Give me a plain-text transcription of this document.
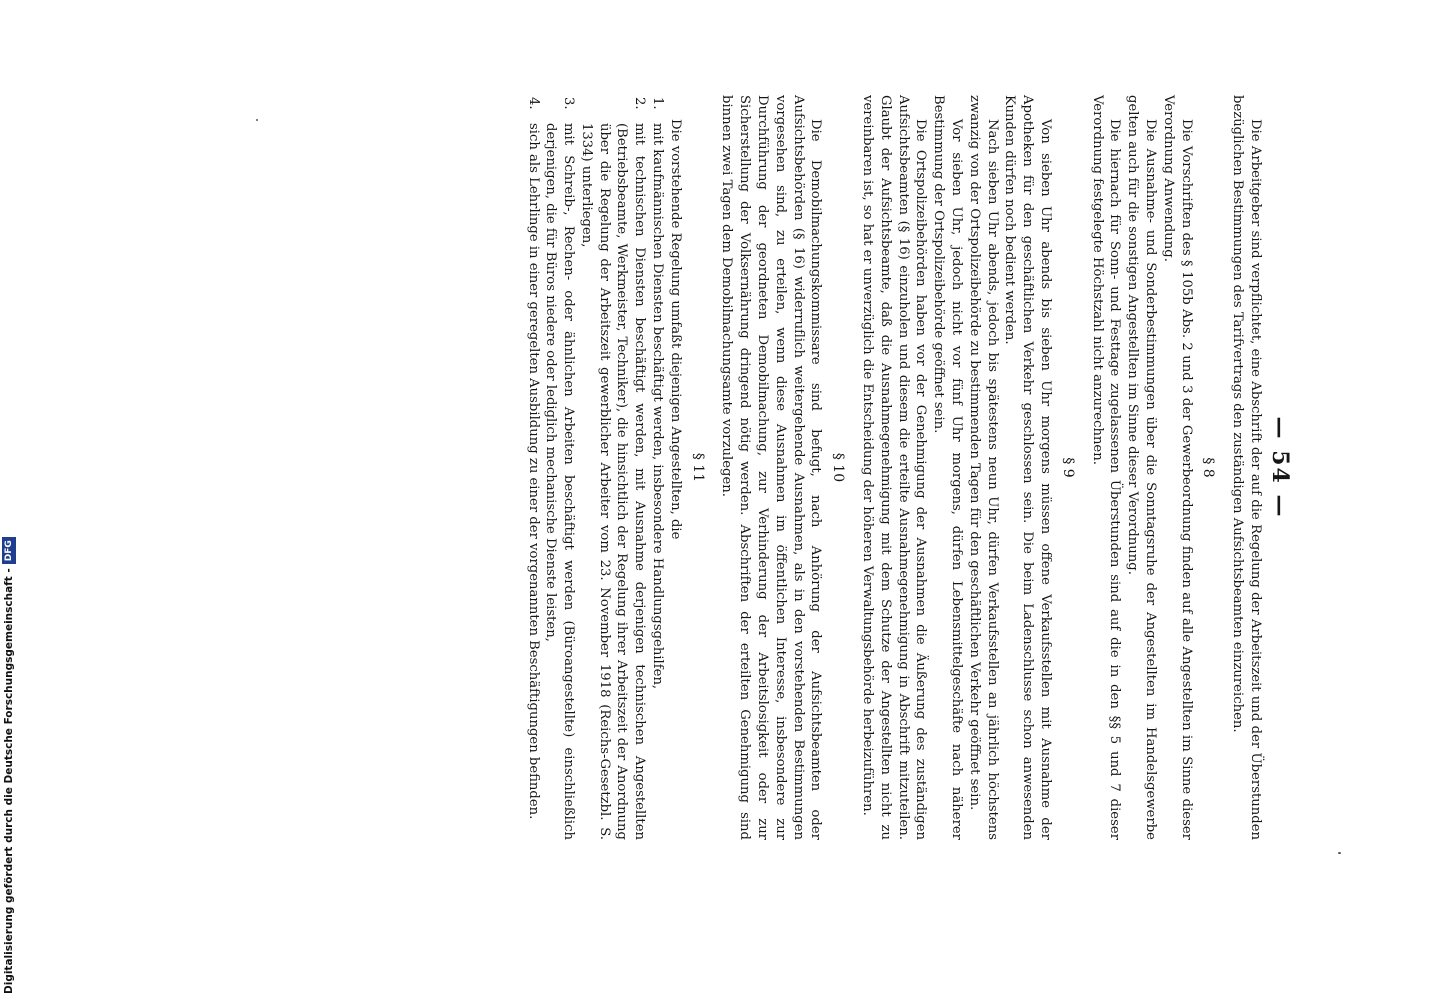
— 54 —

Die Arbeitgeber sind verpflichtet, eine Abschrift der auf die Regelung der Arbeitszeit und der Überstunden bezüglichen Bestimmungen des Tarifvertrags den zuständigen Aufsichtsbeamten einzureichen.

§ 8

Die Vorschriften des § 105b Abs. 2 und 3 der Gewerbeordnung finden auf alle Angestellten im Sinne dieser Verordnung Anwendung.

Die Ausnahme- und Sonderbestimmungen über die Sonntagsruhe der Angestellten im Handelsgewerbe gelten auch für die sonstigen Angestellten im Sinne dieser Verordnung.

Die hiernach für Sonn- und Festtage zugelassenen Überstunden sind auf die in den §§ 5 und 7 dieser Verordnung festgelegte Höchstzahl nicht anzurechnen.

§ 9

Von sieben Uhr abends bis sieben Uhr morgens müssen offene Verkaufsstellen mit Ausnahme der Apotheken für den geschäftlichen Verkehr geschlossen sein. Die beim Ladenschlusse schon anwesenden Kunden dürfen noch bedient werden.

Nach sieben Uhr abends, jedoch bis spätestens neun Uhr, dürfen Verkaufsstellen an jährlich höchstens zwanzig von der Ortspolizeibehörde zu bestimmenden Tagen für den geschäftlichen Verkehr geöffnet sein.

Vor sieben Uhr, jedoch nicht vor fünf Uhr morgens, dürfen Lebensmittelgeschäfte nach näherer Bestimmung der Ortspolizeibehörde geöffnet sein.

Die Ortspolizeibehörden haben vor der Genehmigung der Ausnahmen die Äußerung des zuständigen Aufsichtsbeamten (§ 16) einzuholen und diesem die erteilte Ausnahmegenehmigung in Abschrift mitzuteilen. Glaubt der Aufsichtsbeamte, daß die Ausnahmegenehmigung mit dem Schutze der Angestellten nicht zu vereinbaren ist, so hat er unverzüglich die Entscheidung der höheren Verwaltungsbehörde herbeizuführen.

§ 10

Die Demobilmachungskommissare sind befugt, nach Anhörung der Aufsichtsbeamten oder Aufsichtsbehörden (§ 16) widerruflich weitergehende Ausnahmen, als in den vorstehenden Bestimmungen vorgesehen sind, zu erteilen, wenn diese Ausnahmen im öffentlichen Interesse, insbesondere zur Durchführung der geordneten Demobilmachung, zur Verhinderung der Arbeitslosigkeit oder zur Sicherstellung der Volksernährung dringend nötig werden. Abschriften der erteilten Genehmigung sind binnen zwei Tagen dem Demobilmachungsamte vorzulegen.

§ 11

Die vorstehende Regelung umfaßt diejenigen Angestellten, die

1.
mit kaufmännischen Diensten beschäftigt werden, insbesondere Handlungsgehilfen,
2.
mit technischen Diensten beschäftigt werden, mit Ausnahme derjenigen technischen Angestellten (Betriebsbeamte, Werkmeister, Techniker), die hinsichtlich der Regelung ihrer Arbeitszeit der Anordnung über die Regelung der Arbeitszeit gewerblicher Arbeiter vom 23. November 1918 (Reichs-Gesetzbl. S. 1334) unterliegen,
3.
mit Schreib-, Rechen- oder ähnlichen Arbeiten beschäftigt werden (Büroangestellte) einschließlich derjenigen, die für Büros niedere oder lediglich mechanische Dienste leisten,
4.
sich als Lehrlinge in einer geregelten Ausbildung zu einer der vorgenannten Beschäftigungen befinden.
Digitalisierung gefördert durch die Deutsche Forschungsgemeinschaft -
DFG
